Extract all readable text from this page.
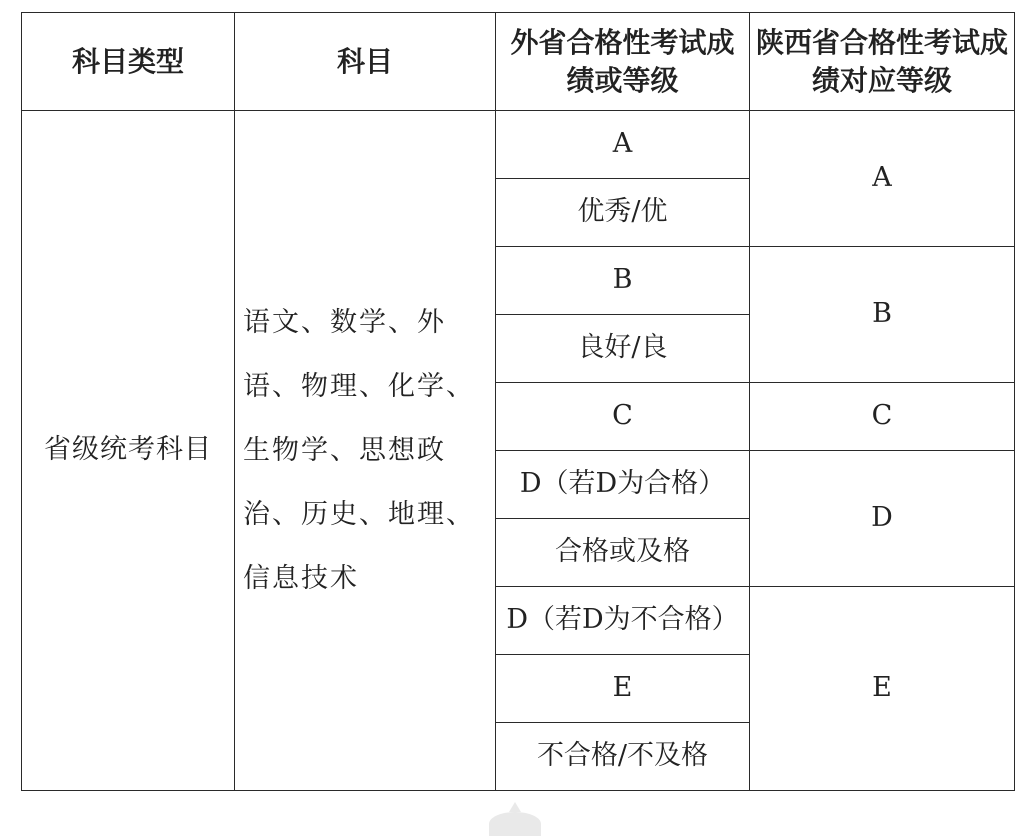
科目类型	科目	外省合格性考试成绩或等级	陕西省合格性考试成绩对应等级
省级统考科目	语文、数学、外语、物理、化学、生物学、思想政治、历史、地理、信息技术	A	A
		优秀/优	
		B	B
		良好/良	
		C	C
		D（若D为合格）	D
		合格或及格	
		D（若D为不合格）	E
		E	
		不合格/不及格	
